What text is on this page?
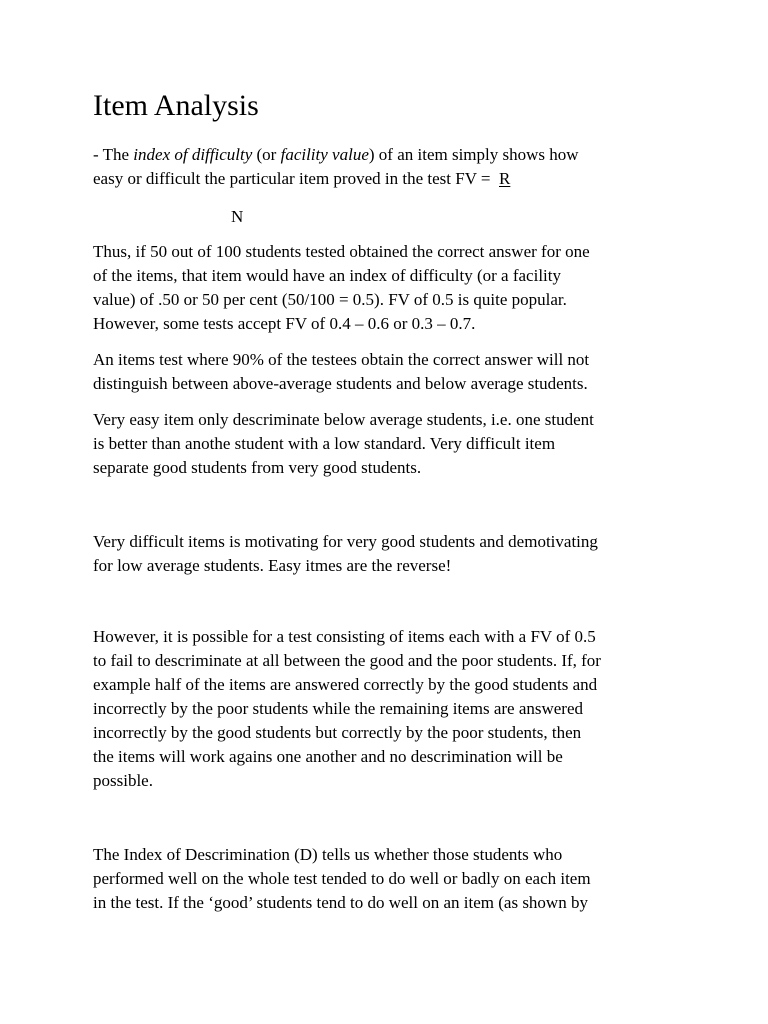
Item Analysis
- The index of difficulty (or facility value) of an item simply shows how
easy or difficult the particular item proved in the test FV = R

N

Thus, if 50 out of 100 students tested obtained the correct answer for one
of the items, that item would have an index of difficulty (or a facility
value) of .50 or 50 per cent (50/100 = 0.5). FV of 0.5 is quite popular.
However, some tests accept FV of 0.4 – 0.6 or 0.3 – 0.7.
An items test where 90% of the testees obtain the correct answer will not
distinguish between above-average students and below average students.
Very easy item only descriminate below average students, i.e. one student
is better than anothe student with a low standard. Very difficult item
separate good students from very good students.
Very difficult items is motivating for very good students and demotivating
for low average students. Easy itmes are the reverse!
However, it is possible for a test consisting of items each with a FV of 0.5
to fail to descriminate at all between the good and the poor students. If, for
example half of the items are answered correctly by the good students and
incorrectly by the poor students while the remaining items are answered
incorrectly by the good students but correctly by the poor students, then
the items will work agains one another and no descrimination will be
possible.
The Index of Descrimination (D) tells us whether those students who
performed well on the whole test tended to do well or badly on each item
in the test. If the ‘good’ students tend to do well on an item (as shown by
